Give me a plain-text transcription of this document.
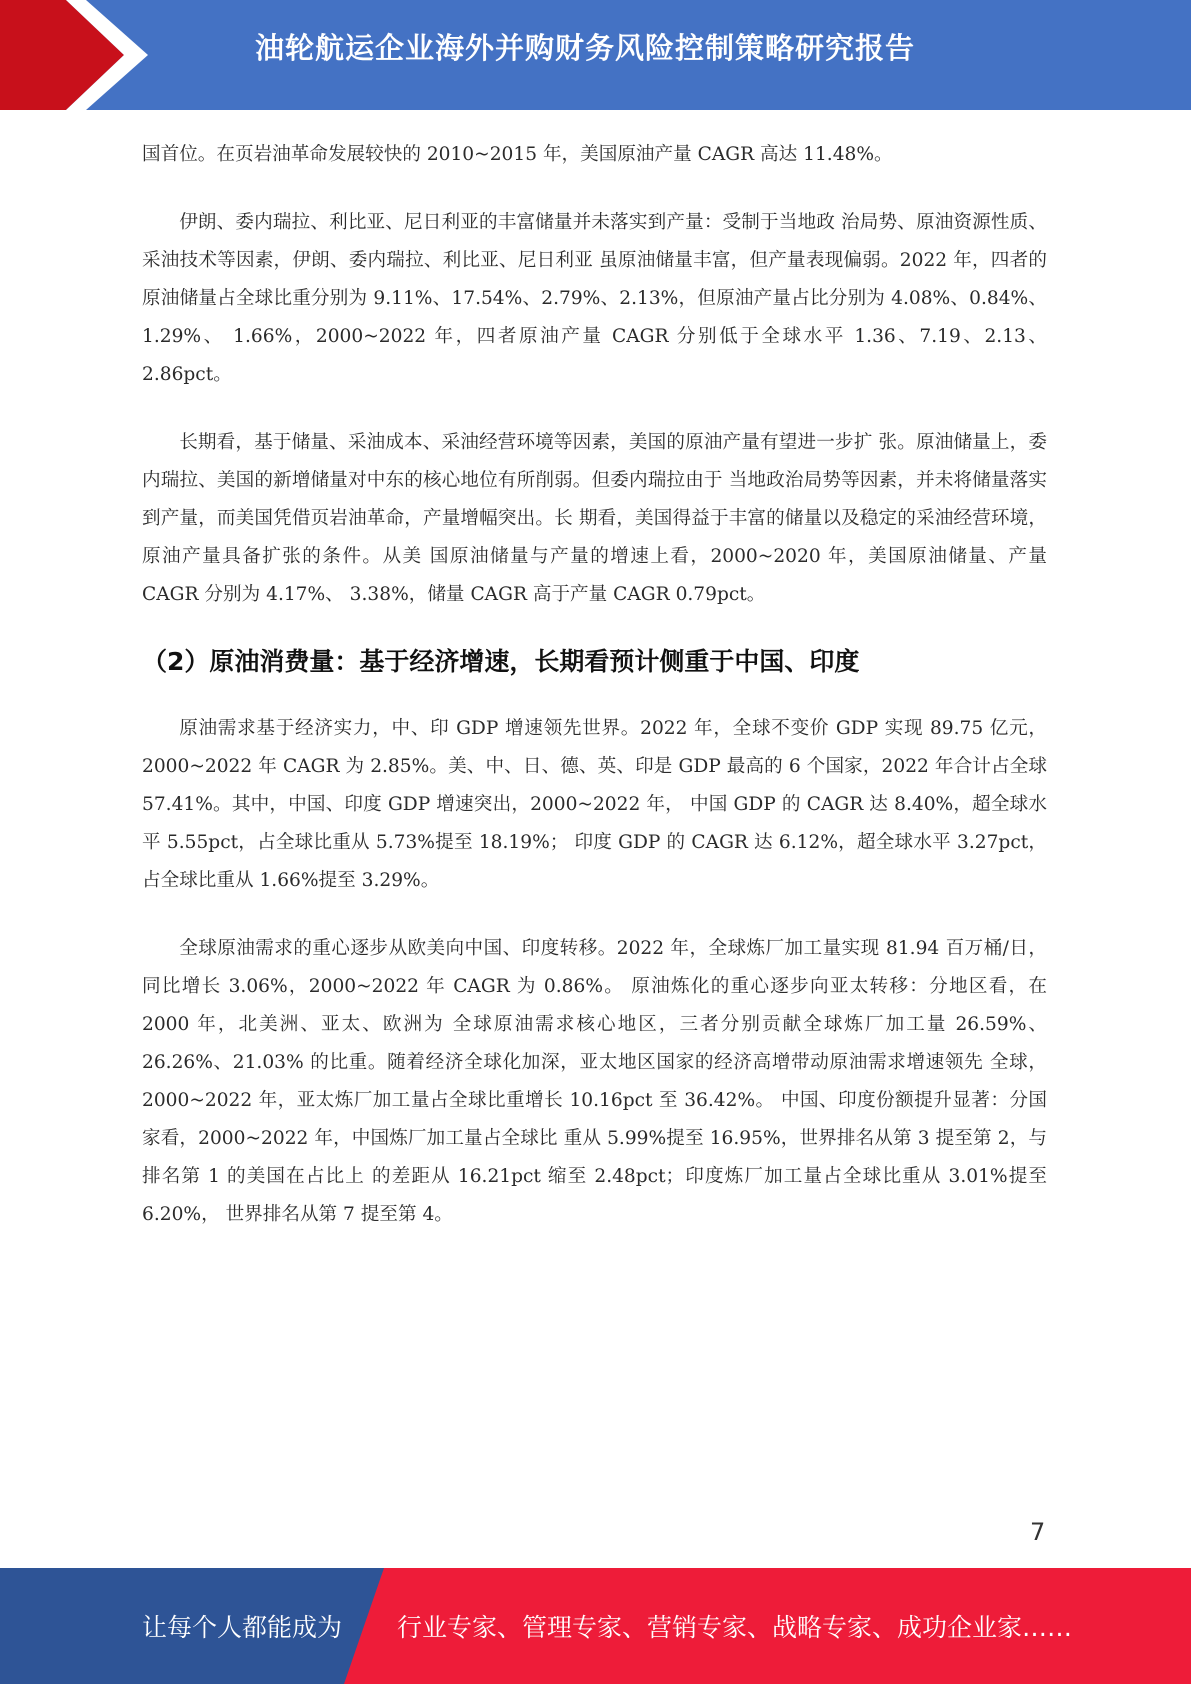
油轮航运企业海外并购财务风险控制策略研究报告

国首位。在页岩油革命发展较快的 2010~2015 年，美国原油产量 CAGR 高达 11.48%。

伊朗、委内瑞拉、利比亚、尼日利亚的丰富储量并未落实到产量：受制于当地政 治局势、原油资源性质、采油技术等因素，伊朗、委内瑞拉、利比亚、尼日利亚 虽原油储量丰富，但产量表现偏弱。2022 年，四者的原油储量占全球比重分别为 9.11%、17.54%、2.79%、2.13%，但原油产量占比分别为 4.08%、0.84%、1.29%、 1.66%，2000~2022 年，四者原油产量 CAGR 分别低于全球水平 1.36、7.19、2.13、 2.86pct。

长期看，基于储量、采油成本、采油经营环境等因素，美国的原油产量有望进一步扩 张。原油储量上，委内瑞拉、美国的新增储量对中东的核心地位有所削弱。但委内瑞拉由于 当地政治局势等因素，并未将储量落实到产量，而美国凭借页岩油革命，产量增幅突出。长 期看，美国得益于丰富的储量以及稳定的采油经营环境，原油产量具备扩张的条件。从美 国原油储量与产量的增速上看，2000~2020 年，美国原油储量、产量 CAGR 分别为 4.17%、 3.38%，储量 CAGR 高于产量 CAGR 0.79pct。

（2）原油消费量：基于经济增速，长期看预计侧重于中国、印度

原油需求基于经济实力，中、印 GDP 增速领先世界。2022 年，全球不变价 GDP 实现 89.75 亿元，2000~2022 年 CAGR 为 2.85%。美、中、日、德、英、印是 GDP 最高的 6 个国家，2022 年合计占全球 57.41%。其中，中国、印度 GDP 增速突出，2000~2022 年， 中国 GDP 的 CAGR 达 8.40%，超全球水平 5.55pct，占全球比重从 5.73%提至 18.19%； 印度 GDP 的 CAGR 达 6.12%，超全球水平 3.27pct，占全球比重从 1.66%提至 3.29%。

全球原油需求的重心逐步从欧美向中国、印度转移。2022 年，全球炼厂加工量实现 81.94 百万桶/日，同比增长 3.06%，2000~2022 年 CAGR 为 0.86%。 原油炼化的重心逐步向亚太转移：分地区看，在 2000 年，北美洲、亚太、欧洲为 全球原油需求核心地区，三者分别贡献全球炼厂加工量 26.59%、26.26%、21.03% 的比重。随着经济全球化加深，亚太地区国家的经济高增带动原油需求增速领先 全球，2000~2022 年，亚太炼厂加工量占全球比重增长 10.16pct 至 36.42%。 中国、印度份额提升显著：分国家看，2000~2022 年，中国炼厂加工量占全球比 重从 5.99%提至 16.95%，世界排名从第 3 提至第 2，与排名第 1 的美国在占比上 的差距从 16.21pct 缩至 2.48pct；印度炼厂加工量占全球比重从 3.01%提至 6.20%， 世界排名从第 7 提至第 4。

7
让每个人都能成为 行业专家、管理专家、营销专家、战略专家、成功企业家……
